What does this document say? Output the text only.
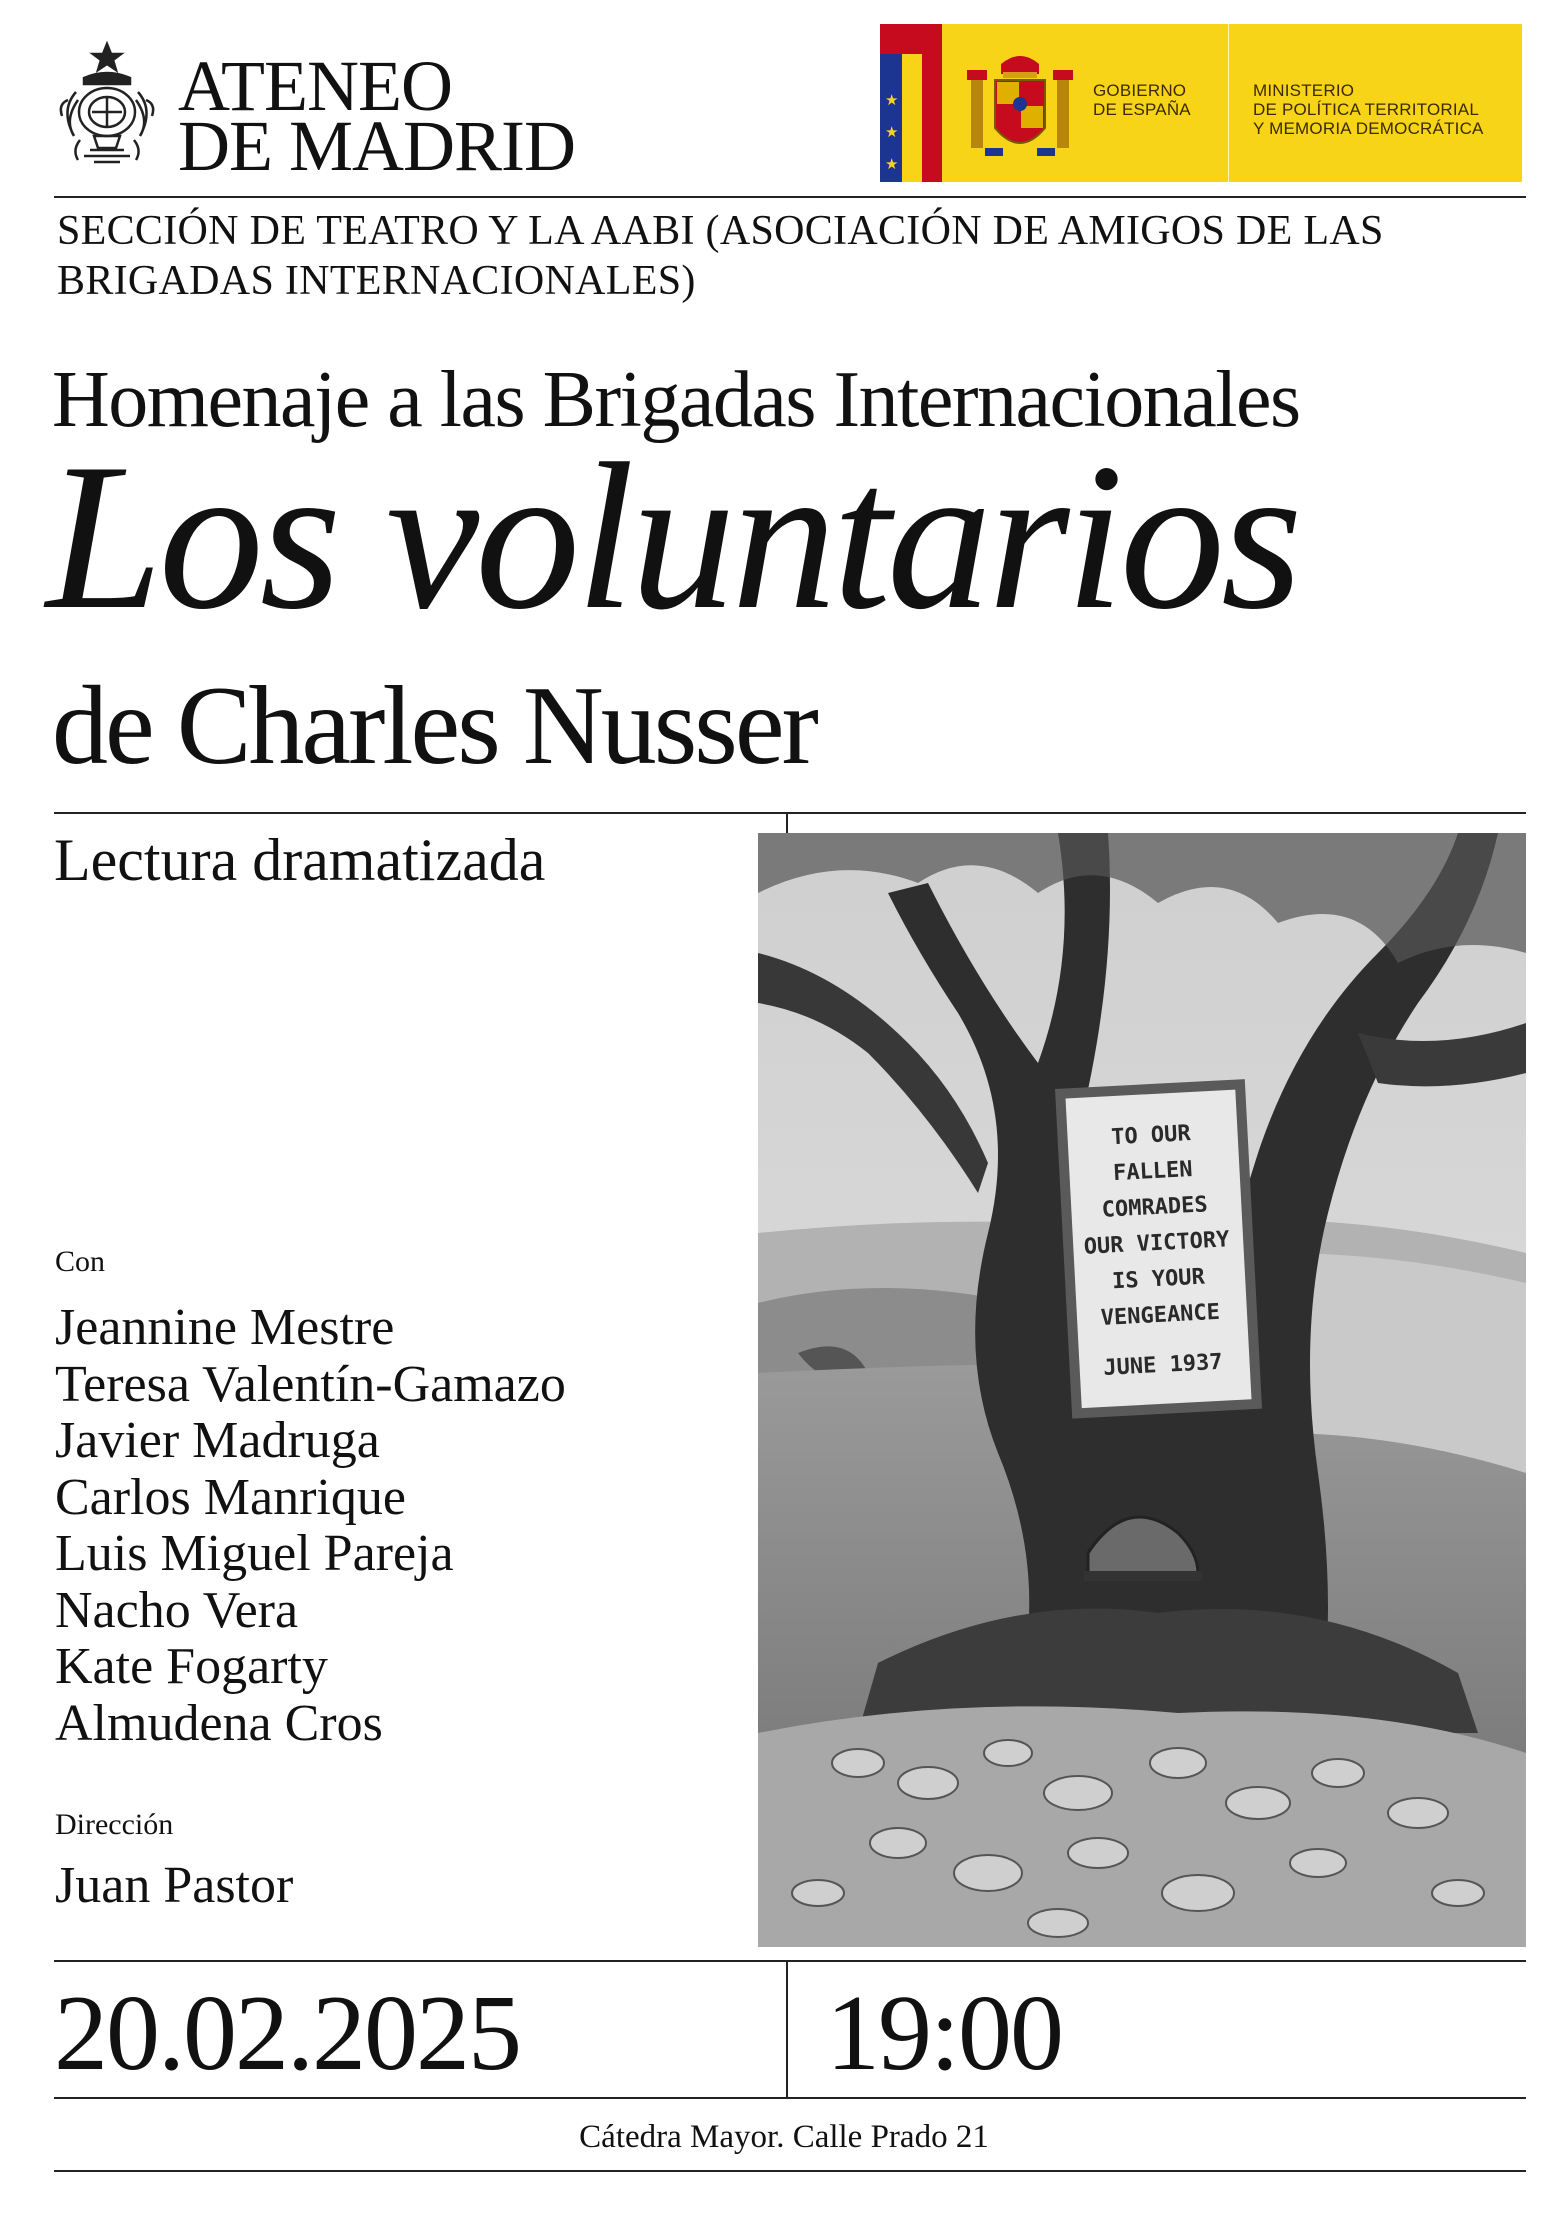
ATENEO
DE MADRID
★
★
★
GOBIERNO
DE ESPAÑA
MINISTERIO
DE POLÍTICA TERRITORIAL
Y MEMORIA DEMOCRÁTICA
SECCIÓN DE TEATRO Y LA AABI (ASOCIACIÓN DE AMIGOS DE LAS BRIGADAS INTERNACIONALES)
Homenaje a las Brigadas Internacionales
Los voluntarios
de Charles Nusser
Lectura dramatizada
Con
Jeannine Mestre
Teresa Valentín-Gamazo
Javier Madruga
Carlos Manrique
Luis Miguel Pareja
Nacho Vera
Kate Fogarty
Almudena Cros
Dirección
Juan Pastor
TO OUR FALLEN
COMRADES
OUR VICTORY
IS YOUR
VENGEANCE
JUNE 1937
20.02.2025	19:00
Cátedra Mayor. Calle Prado 21
